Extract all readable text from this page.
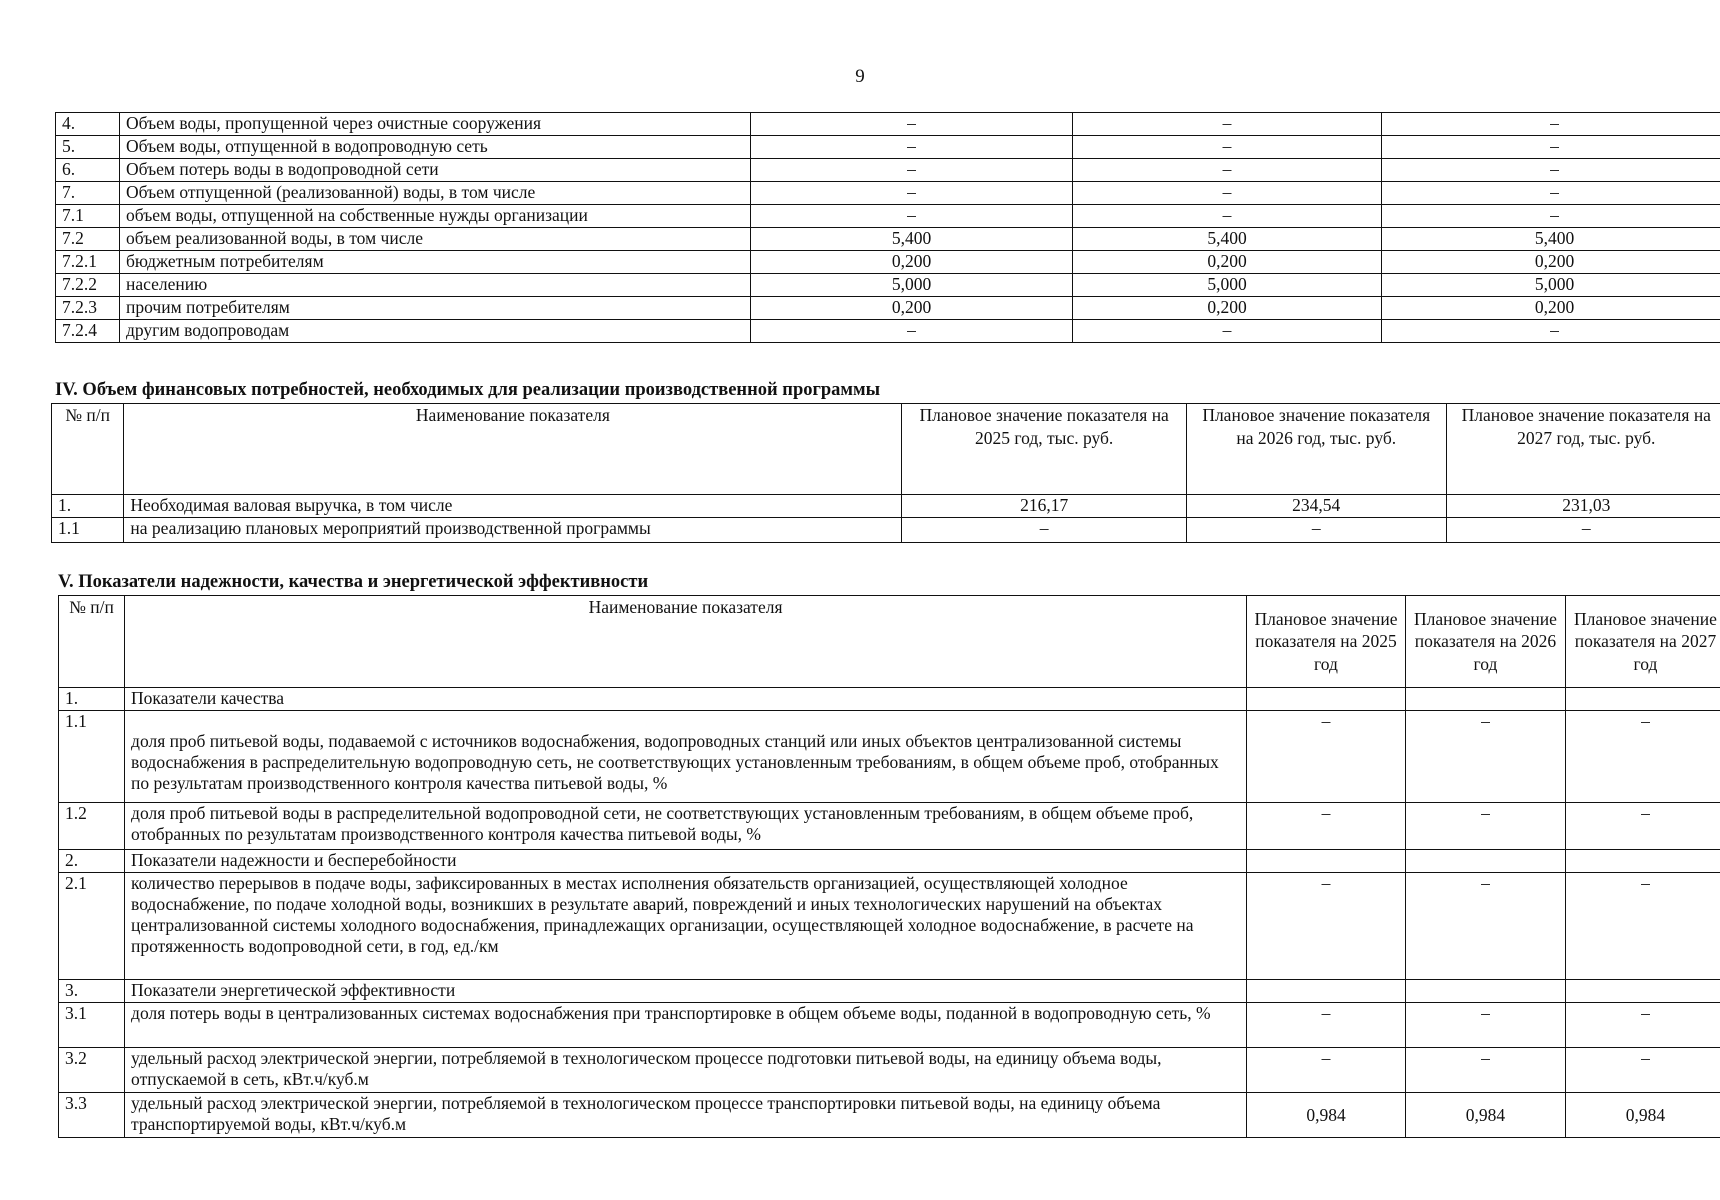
9
4.	Объем воды, пропущенной через очистные сооружения	–	–	–
5.	Объем воды, отпущенной в водопроводную сеть	–	–	–
6.	Объем потерь воды в водопроводной сети	–	–	–
7.	Объем отпущенной (реализованной) воды, в том числе	–	–	–
7.1	объем воды, отпущенной на собственные нужды организации	–	–	–
7.2	объем реализованной воды, в том числе	5,400	5,400	5,400
7.2.1	бюджетным потребителям	0,200	0,200	0,200
7.2.2	населению	5,000	5,000	5,000
7.2.3	прочим потребителям	0,200	0,200	0,200
7.2.4	другим водопроводам	–	–	–
IV. Объем финансовых потребностей, необходимых для реализации производственной программы
№ п/п	Наименование показателя	Плановое значение показателя на 2025 год, тыс. руб.	Плановое значение показателя на 2026 год, тыс. руб.	Плановое значение показателя на 2027 год, тыс. руб.
1.	Необходимая валовая выручка, в том числе	216,17	234,54	231,03
1.1	на реализацию плановых мероприятий производственной программы	–	–	–
V. Показатели надежности, качества и энергетической эффективности
№ п/п	Наименование показателя	Плановое значение показателя на 2025 год	Плановое значение показателя на 2026 год	Плановое значение показателя на 2027 год
1.	Показатели качества			
1.1	доля проб питьевой воды, подаваемой с источников водоснабжения, водопроводных станций или иных объектов централизованной системы водоснабжения в распределительную водопроводную сеть, не соответствующих установленным требованиям, в общем объеме проб, отобранных по результатам производственного контроля качества питьевой воды, %	–	–	–
1.2	доля проб питьевой воды в распределительной водопроводной сети, не соответствующих установленным требованиям, в общем объеме проб, отобранных по результатам производственного контроля качества питьевой воды, %	–	–	–
2.	Показатели надежности и бесперебойности			
2.1	количество перерывов в подаче воды, зафиксированных в местах исполнения обязательств организацией, осуществляющей холодное водоснабжение, по подаче холодной воды, возникших в результате аварий, повреждений и иных технологических нарушений на объектах централизованной системы холодного водоснабжения, принадлежащих организации, осуществляющей холодное водоснабжение, в расчете на протяженность водопроводной сети, в год, ед./км	–	–	–
3.	Показатели энергетической эффективности			
3.1	доля потерь воды в централизованных системах водоснабжения при транспортировке в общем объеме воды, поданной в водопроводную сеть, %	–	–	–
3.2	удельный расход электрической энергии, потребляемой в технологическом процессе подготовки питьевой воды, на единицу объема воды, отпускаемой в сеть, кВт.ч/куб.м	–	–	–
3.3	удельный расход электрической энергии, потребляемой в технологическом процессе транспортировки питьевой воды, на единицу объема транспортируемой воды, кВт.ч/куб.м	0,984	0,984	0,984
